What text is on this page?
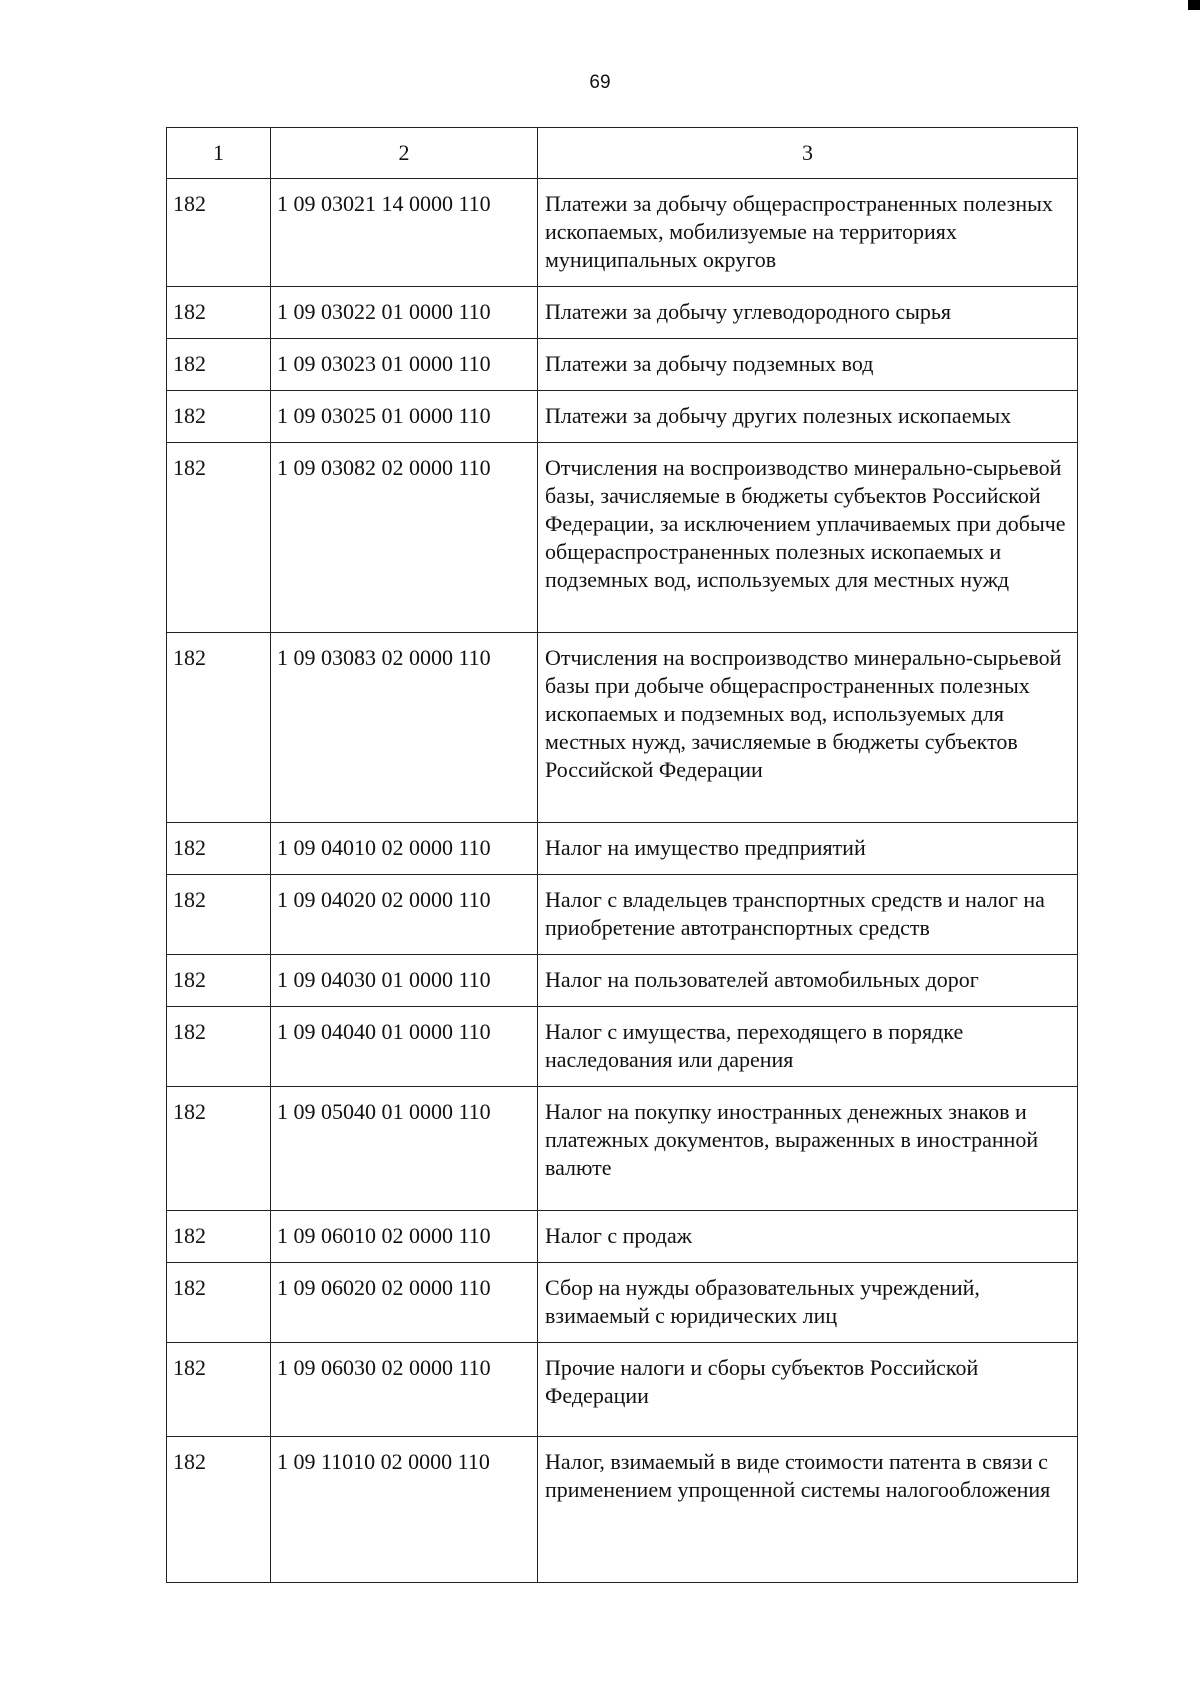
69
1	2	3
182	1 09 03021 14 0000 110	Платежи за добычу общераспространенных полезных ископаемых, мобилизуемые на территориях муниципальных округов
182	1 09 03022 01 0000 110	Платежи за добычу углеводородного сырья
182	1 09 03023 01 0000 110	Платежи за добычу подземных вод
182	1 09 03025 01 0000 110	Платежи за добычу других полезных ископаемых
182	1 09 03082 02 0000 110	Отчисления на воспроизводство минерально-сырьевой базы, зачисляемые в бюджеты субъектов Российской Федерации, за исключением уплачиваемых при добыче общераспространенных полезных ископаемых и подземных вод, используемых для местных нужд
182	1 09 03083 02 0000 110	Отчисления на воспроизводство минерально-сырьевой базы при добыче общераспространенных полезных ископаемых и подземных вод, используемых для местных нужд, зачисляемые в бюджеты субъектов Российской Федерации
182	1 09 04010 02 0000 110	Налог на имущество предприятий
182	1 09 04020 02 0000 110	Налог с владельцев транспортных средств и налог на приобретение автотранспортных средств
182	1 09 04030 01 0000 110	Налог на пользователей автомобильных дорог
182	1 09 04040 01 0000 110	Налог с имущества, переходящего в порядке наследования или дарения
182	1 09 05040 01 0000 110	Налог на покупку иностранных денежных знаков и платежных документов, выраженных в иностранной валюте
182	1 09 06010 02 0000 110	Налог с продаж
182	1 09 06020 02 0000 110	Сбор на нужды образовательных учреждений, взимаемый с юридических лиц
182	1 09 06030 02 0000 110	Прочие налоги и сборы субъектов Российской Федерации
182	1 09 11010 02 0000 110	Налог, взимаемый в виде стоимости патента в связи с применением упрощенной системы налогообложения
